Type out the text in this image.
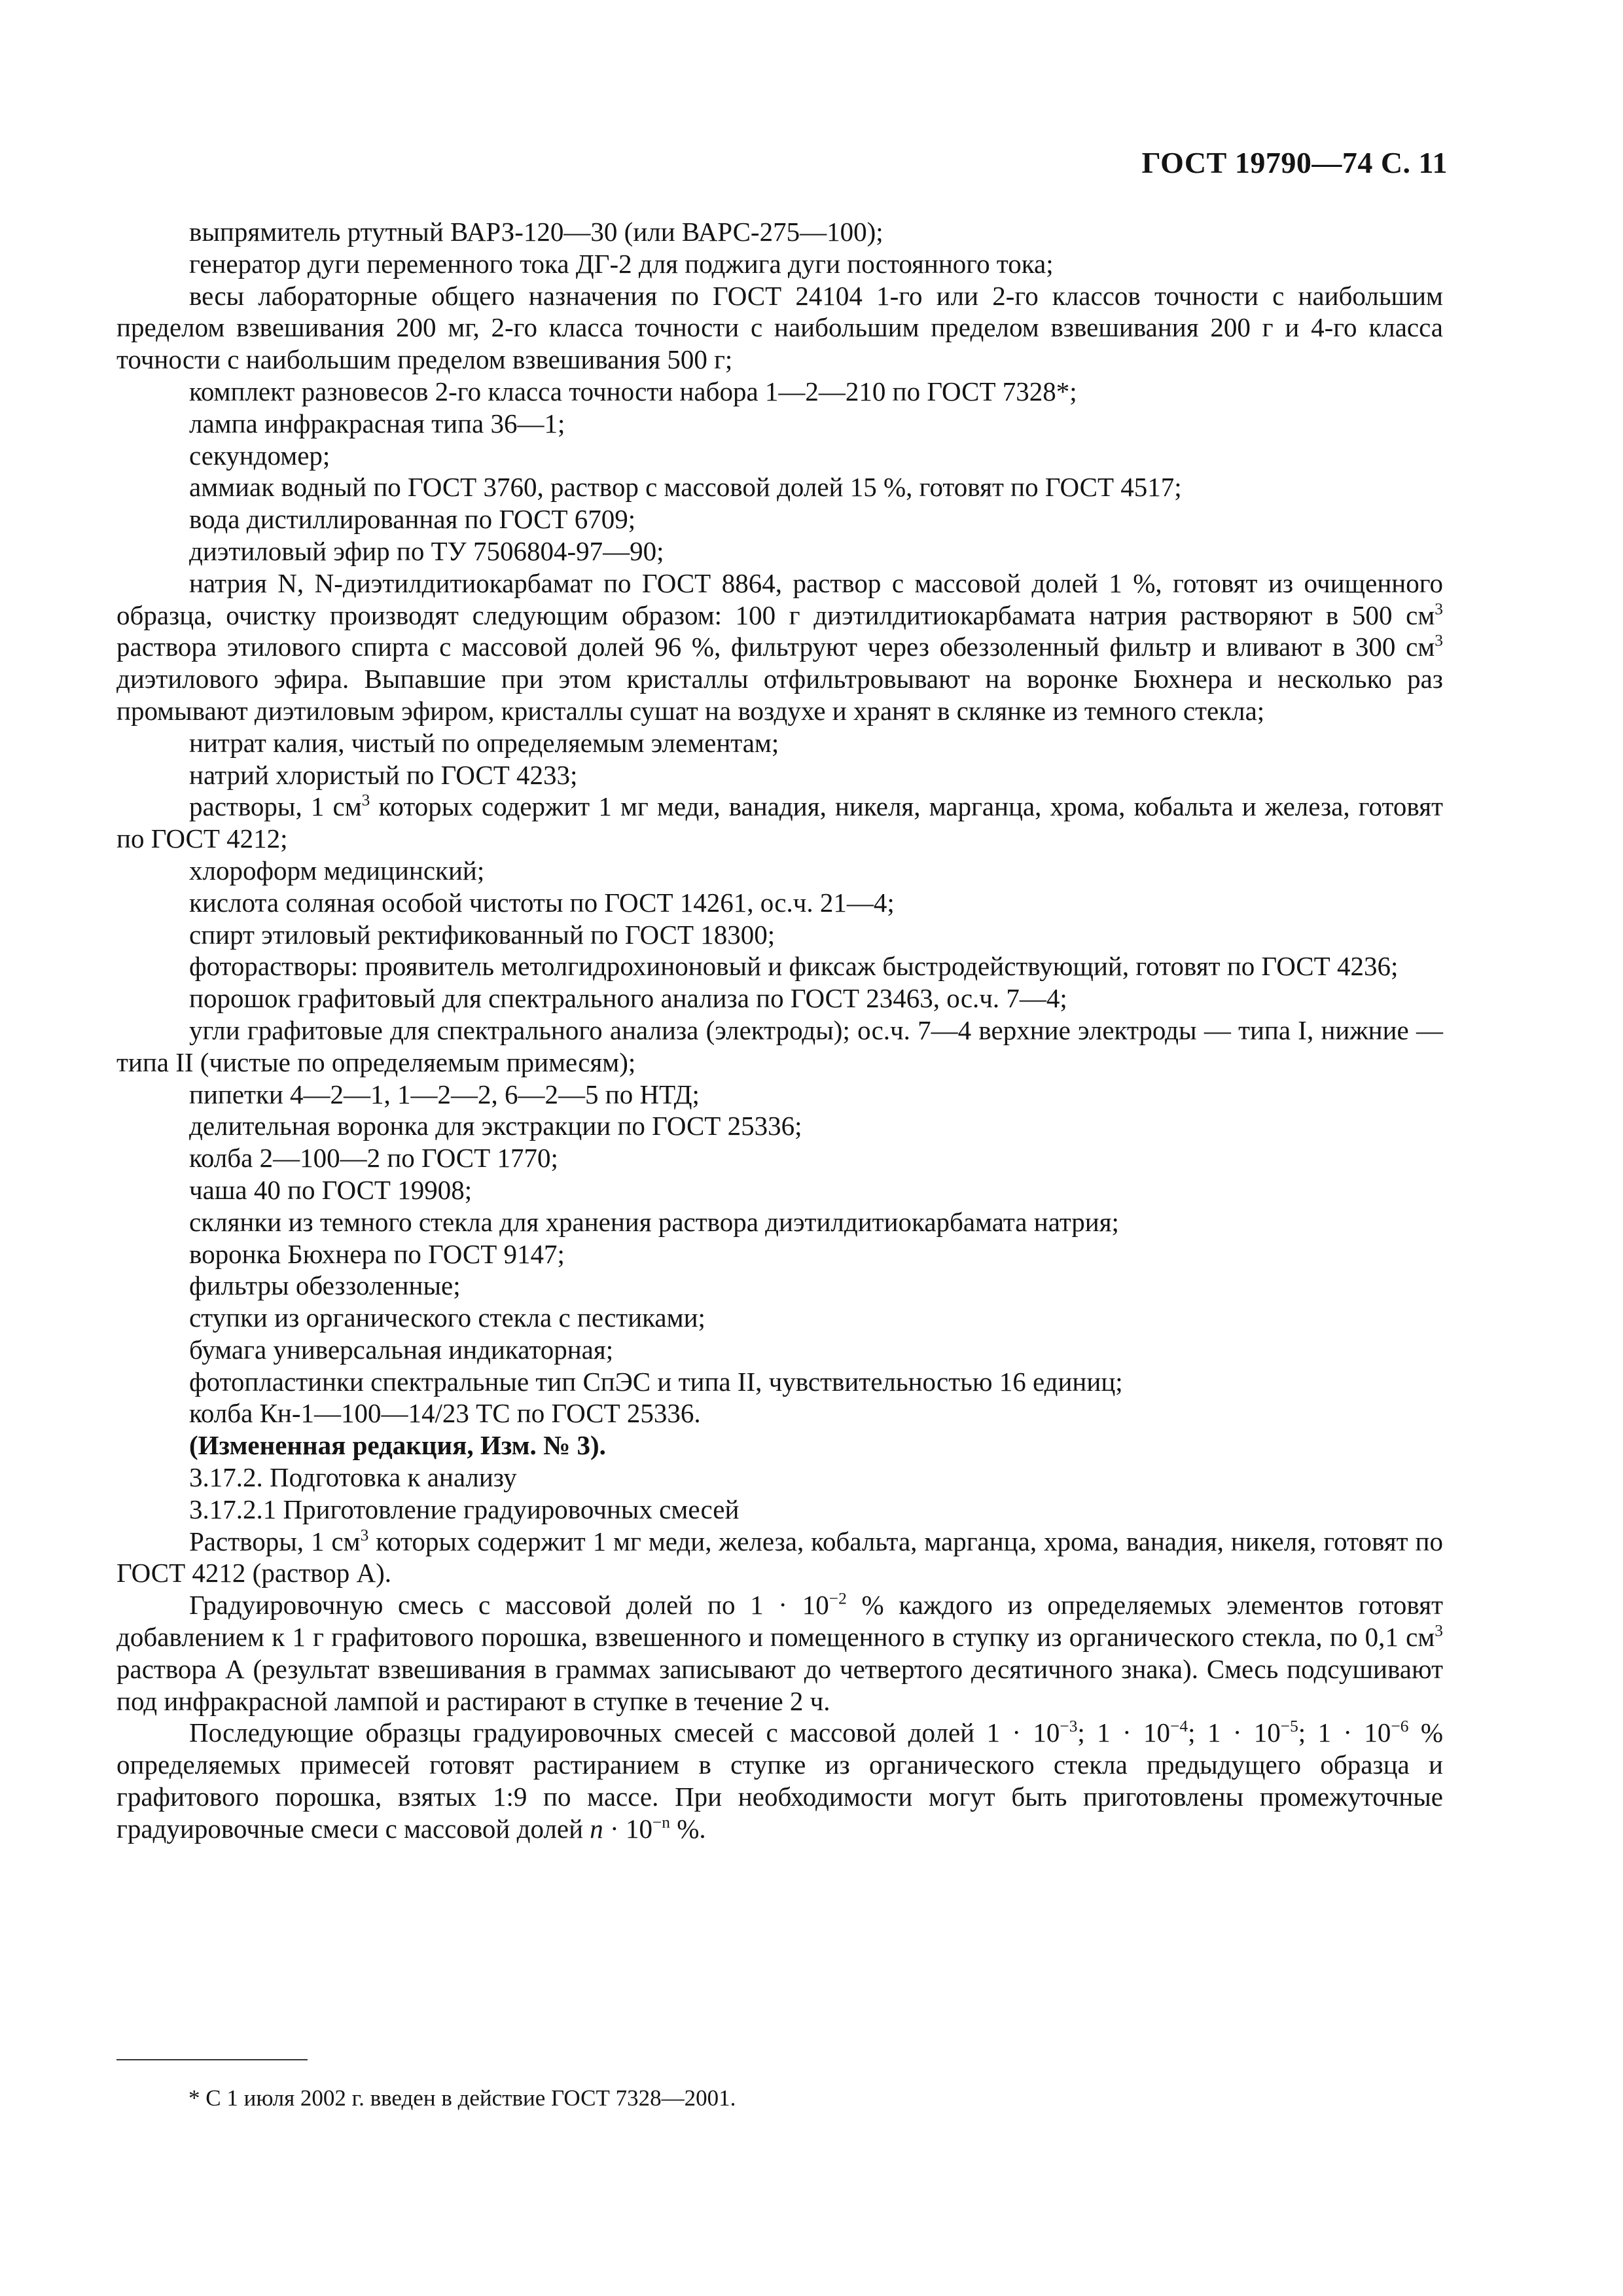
ГОСТ 19790—74 С. 11

выпрямитель ртутный ВАРЗ-120—30 (или ВАРС-275—100);

генератор дуги переменного тока ДГ-2 для поджига дуги постоянного тока;

весы лабораторные общего назначения по ГОСТ 24104 1-го или 2-го классов точности с наибольшим пределом взвешивания 200 мг, 2-го класса точности с наибольшим пределом взвешивания 200 г и 4-го класса точности с наибольшим пределом взвешивания 500 г;

комплект разновесов 2-го класса точности набора 1—2—210 по ГОСТ 7328*;

лампа инфракрасная типа 36—1;

секундомер;

аммиак водный по ГОСТ 3760, раствор с массовой долей 15 %, готовят по ГОСТ 4517;

вода дистиллированная по ГОСТ 6709;

диэтиловый эфир по ТУ 7506804-97—90;

натрия N, N-диэтилдитиокарбамат по ГОСТ 8864, раствор с массовой долей 1 %, готовят из очищенного образца, очистку производят следующим образом: 100 г диэтилдитиокарбамата натрия растворяют в 500 $см^3$ раствора этилового спирта с массовой долей 96 %, фильтруют через обеззоленный фильтр и вливают в 300 $см^3$ диэтилового эфира. Выпавшие при этом кристаллы отфильтровывают на воронке Бюхнера и несколько раз промывают диэтиловым эфиром, кристаллы сушат на воздухе и хранят в склянке из темного стекла;

нитрат калия, чистый по определяемым элементам;

натрий хлористый по ГОСТ 4233;

растворы, 1 $см^3$ которых содержит 1 мг меди, ванадия, никеля, марганца, хрома, кобальта и железа, готовят по ГОСТ 4212;

хлороформ медицинский;

кислота соляная особой чистоты по ГОСТ 14261, ос.ч. 21—4;

спирт этиловый ректификованный по ГОСТ 18300;

фоторастворы: проявитель метолгидрохиноновый и фиксаж быстродействующий, готовят по ГОСТ 4236;

порошок графитовый для спектрального анализа по ГОСТ 23463, ос.ч. 7—4;

угли графитовые для спектрального анализа (электроды); ос.ч. 7—4 верхние электроды — типа I, нижние — типа II (чистые по определяемым примесям);

пипетки 4—2—1, 1—2—2, 6—2—5 по НТД;

делительная воронка для экстракции по ГОСТ 25336;

колба 2—100—2 по ГОСТ 1770;

чаша 40 по ГОСТ 19908;

склянки из темного стекла для хранения раствора диэтилдитиокарбамата натрия;

воронка Бюхнера по ГОСТ 9147;

фильтры обеззоленные;

ступки из органического стекла с пестиками;

бумага универсальная индикаторная;

фотопластинки спектральные тип СпЭС и типа II, чувствительностью 16 единиц;

колба Кн-1—100—14/23 ТС по ГОСТ 25336.

(Измененная редакция, Изм. № 3).

3.17.2. Подготовка к анализу

3.17.2.1 Приготовление градуировочных смесей

Растворы, 1 $см^3$ которых содержит 1 мг меди, железа, кобальта, марганца, хрома, ванадия, никеля, готовят по ГОСТ 4212 (раствор А).

Градуировочную смесь с массовой долей по $1 \cdot 10^{-2}$ % каждого из определяемых элементов готовят добавлением к 1 г графитового порошка, взвешенного и помещенного в ступку из органического стекла, по 0,1 $см^3$ раствора А (результат взвешивания в граммах записывают до четвертого десятичного знака). Смесь подсушивают под инфракрасной лампой и растирают в ступке в течение 2 ч.

Последующие образцы градуировочных смесей с массовой долей $1 \cdot 10^{-3}$; $1 \cdot 10^{-4}$; $1 \cdot 10^{-5}$; $1 \cdot 10^{-6}$ % определяемых примесей готовят растиранием в ступке из органического стекла предыдущего образца и графитового порошка, взятых 1:9 по массе. При необходимости могут быть приготовлены промежуточные градуировочные смеси с массовой долей $n \cdot 10^{-n}$ %.

* С 1 июля 2002 г. введен в действие ГОСТ 7328—2001.
